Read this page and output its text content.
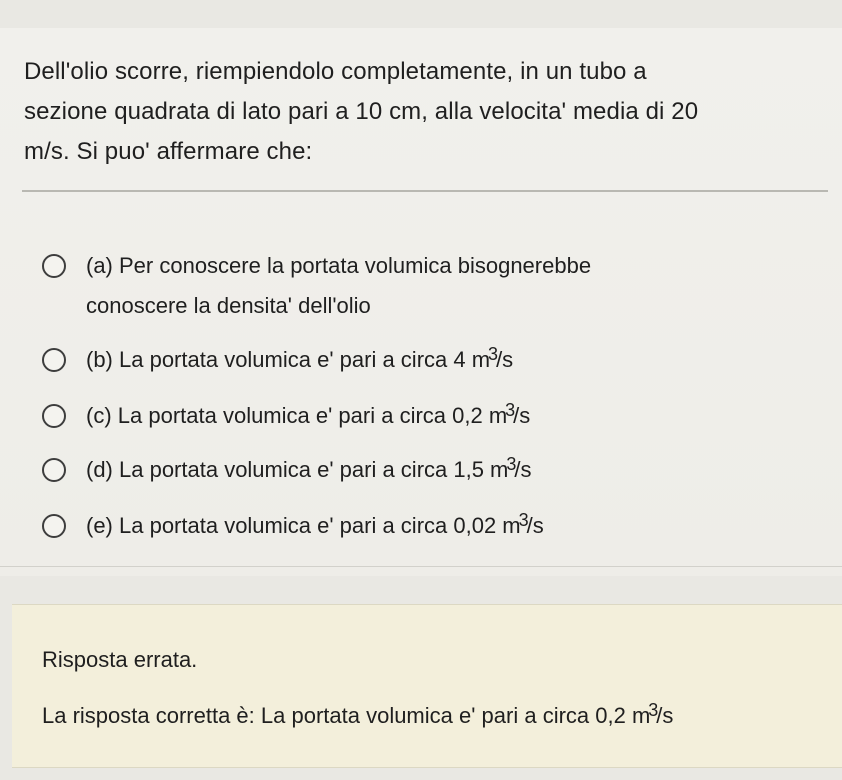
Dell'olio scorre, riempiendolo completamente, in un tubo a
sezione quadrata di lato pari a 10 cm, alla velocita' media di 20
m/s. Si puo' affermare che:
(a) Per conoscere la portata volumica bisognerebbe
conoscere la densita' dell'olio
(b) La portata volumica e' pari a circa 4 $m^3/s$
(c) La portata volumica e' pari a circa 0,2 $m^3/s$
(d) La portata volumica e' pari a circa 1,5 $m^3/s$
(e) La portata volumica e' pari a circa 0,02 $m^3/s$
Risposta errata.
La risposta corretta è: La portata volumica e' pari a circa 0,2 $m^3/s$
